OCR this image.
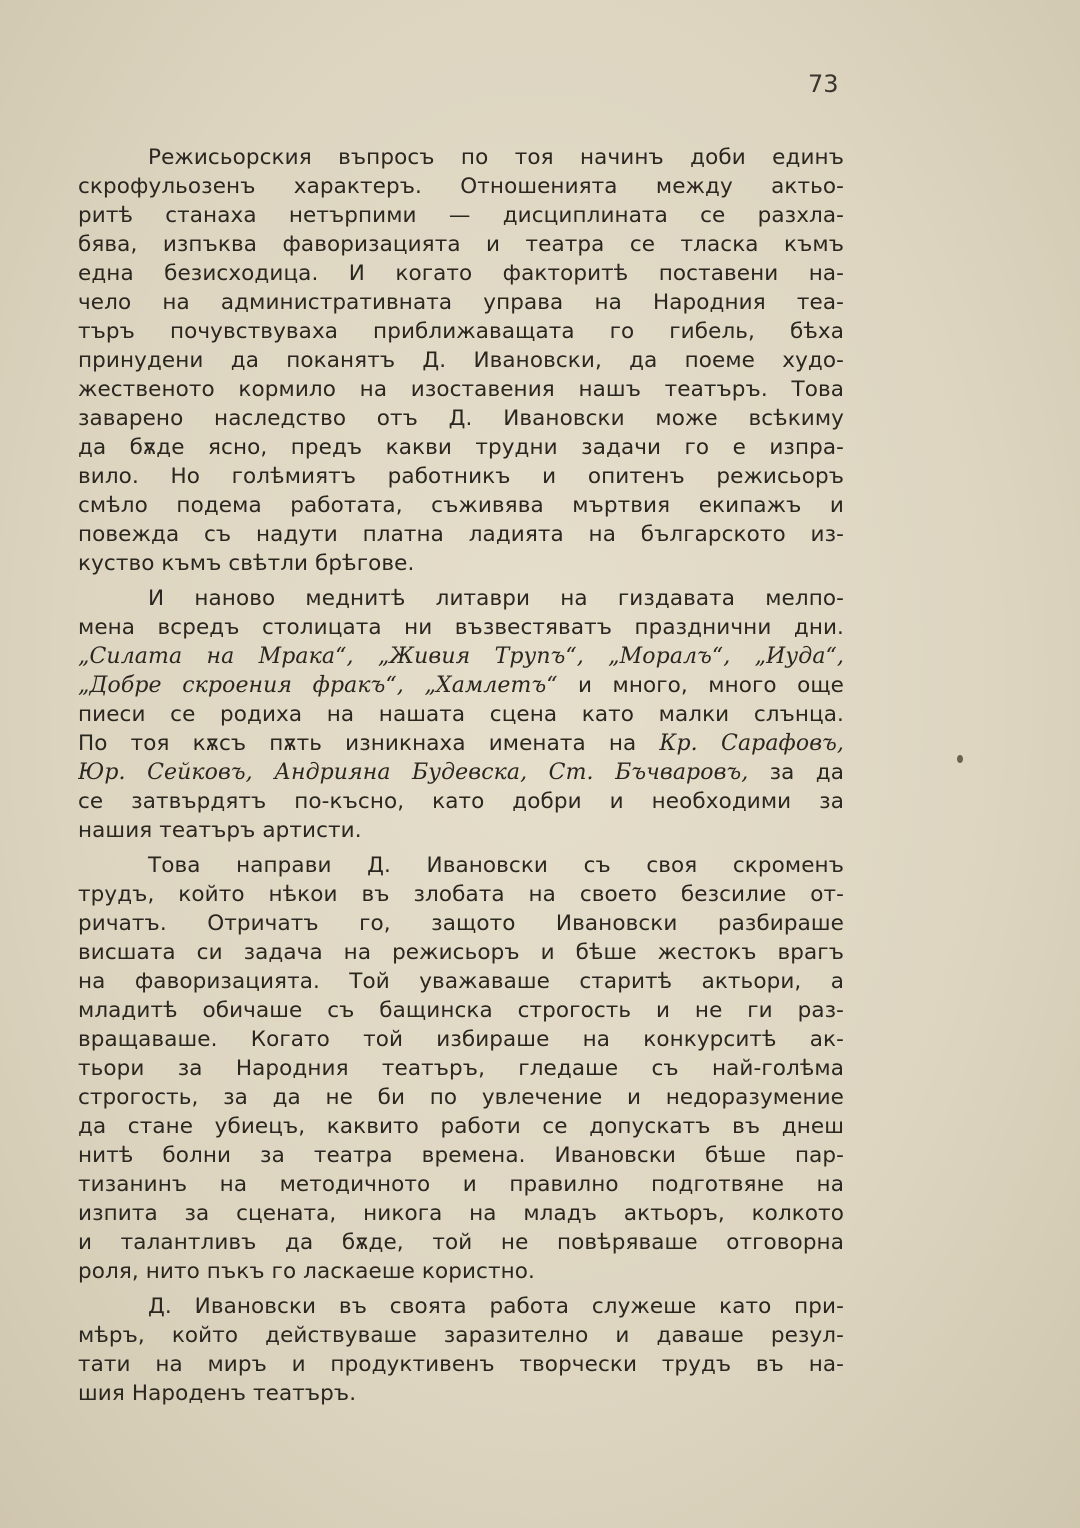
73
Режисьорския въпросъ по тоя начинъ доби единъ
скрофульозенъ характеръ. Отношенията между актьо-
ритѣ станаха нетърпими — дисциплината се разхла-
бява, изпъква фаворизацията и театра се тласка къмъ
една безисходица. И когато факторитѣ поставени на-
чело на административната управа на Народния теа-
търъ почувствуваха приближаващата го гибель, бѣха
принудени да поканятъ Д. Ивановски, да поеме худо-
жественото кормило на изоставения нашъ театъръ. Това
заварено наследство отъ Д. Ивановски може всѣкиму
да бѫде ясно, предъ какви трудни задачи го е изпра-
вило. Но голѣмиятъ работникъ и опитенъ режисьоръ
смѣло подема работата, съживява мъртвия екипажъ и
повежда съ надути платна ладията на българското из-
куство къмъ свѣтли брѣгове.
И наново меднитѣ литаври на гиздавата мелпо-
мена всредъ столицата ни възвестяватъ празднични дни.
„Силата на Мрака“, „Живия Трупъ“, „Моралъ“, „Иуда“,
„Добре скроения фракъ“, „Хамлетъ“ и много, много още
пиеси се родиха на нашата сцена като малки слънца.
По тоя кѫсъ пѫть изникнаха имената на Кр. Сарафовъ,
Юр. Сейковъ, Андрияна Будевска, Ст. Бъчваровъ, за да
се затвърдятъ по-късно, като добри и необходими за
нашия театъръ артисти.
Това направи Д. Ивановски съ своя скроменъ
трудъ, който нѣкои въ злобата на своето безсилие от-
ричатъ. Отричатъ го, защото Ивановски разбираше
висшата си задача на режисьоръ и бѣше жестокъ врагъ
на фаворизацията. Той уважаваше старитѣ актьори, а
младитѣ обичаше съ бащинска строгость и не ги раз-
вращаваше. Когато той избираше на конкурситѣ ак-
тьори за Народния театъръ, гледаше съ най-голѣма
строгость, за да не би по увлечение и недоразумение
да стане убиецъ, каквито работи се допускатъ въ днеш
нитѣ болни за театра времена. Ивановски бѣше пар-
тизанинъ на методичното и правилно подготвяне на
изпита за сцената, никога на младъ актьоръ, колкото
и талантливъ да бѫде, той не повѣряваше отговорна
роля, нито пъкъ го ласкаеше користно.
Д. Ивановски въ своята работа служеше като при-
мѣръ, който действуваше заразително и даваше резул-
тати на миръ и продуктивенъ творчески трудъ въ на-
шия Народенъ театъръ.
